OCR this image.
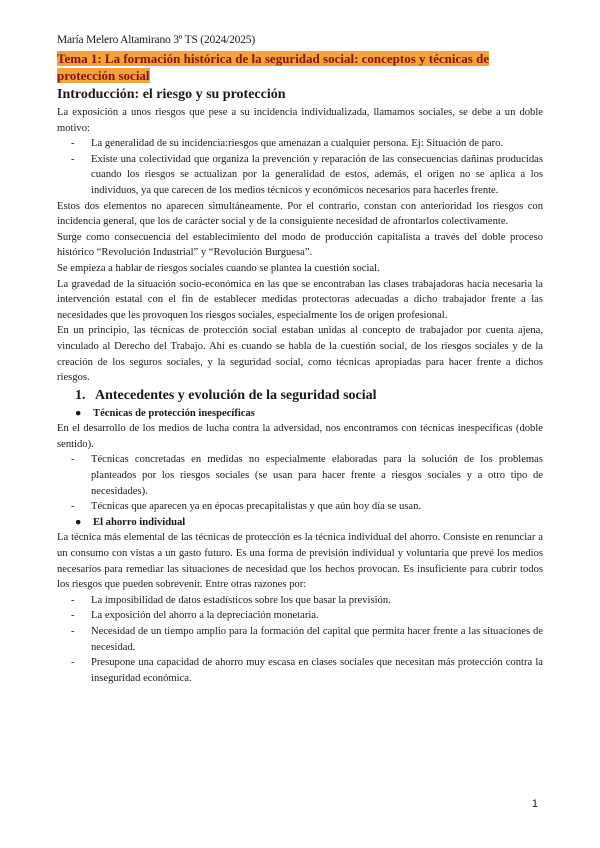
María Melero Altamirano 3º TS (2024/2025)
Tema 1: La formación histórica de la seguridad social: conceptos y técnicas de
protección social
Introducción: el riesgo y su protección

La exposición a unos riesgos que pese a su incidencia individualizada, llamamos sociales, se debe a un doble motivo:

- La generalidad de su incidencia:riesgos que amenazan a cualquier persona. Ej: Situación de paro.
- Existe una colectividad que organiza la prevención y reparación de las consecuencias dañinas producidas cuando los riesgos se actualizan por la generalidad de estos, además, el origen no se aplica a los individuos, ya que carecen de los medios técnicos y económicos necesarios para hacerles frente.

Estos dos elementos no aparecen simultáneamente. Por el contrario, constan con anterioridad los riesgos con incidencia general, que los de carácter social y de la consiguiente necesidad de afrontarlos colectivamente.

Surge como consecuencia del establecimiento del modo de producción capitalista a través del doble proceso histórico “Revolución Industrial” y “Revolución Burguesa”.

Se empieza a hablar de riesgos sociales cuando se plantea la cuestión social.

La gravedad de la situación socio-económica en las que se encontraban las clases trabajadoras hacía necesaria la intervención estatal con el fin de establecer medidas protectoras adecuadas a dicho trabajador frente a las necesidades que les provoquen los riesgos sociales, especialmente los de origen profesional.

En un principio, las técnicas de protección social estaban unidas al concepto de trabajador por cuenta ajena, vinculado al Derecho del Trabajo. Ahí es cuando se habla de la cuestión social, de los riesgos sociales y de la creación de los seguros sociales, y la seguridad social, como técnicas apropiadas para hacer frente a dichos riesgos.

1. Antecedentes y evolución de la seguridad social
● Técnicas de protección inespecíficas

En el desarrollo de los medios de lucha contra la adversidad, nos encontramos con técnicas inespecíficas (doble sentido).

- Técnicas concretadas en medidas no especialmente elaboradas para la solución de los problemas planteados por los riesgos sociales (se usan para hacer frente a riesgos sociales y a otro tipo de necesidades).
- Técnicas que aparecen ya en épocas precapitalistas y que aún hoy día se usan.
● El ahorro individual

La técnica más elemental de las técnicas de protección es la técnica individual del ahorro. Consiste en renunciar a un consumo con vistas a un gasto futuro. Es una forma de previsión individual y voluntaria que prevé los medios necesarios para remediar las situaciones de necesidad que los hechos provocan. Es insuficiente para cubrir todos los riesgos que pueden sobrevenir. Entre otras razones por:

- La imposibilidad de datos estadísticos sobre los que basar la previsión.
- La exposición del ahorro a la depreciación monetaria.
- Necesidad de un tiempo amplio para la formación del capital que permita hacer frente a las situaciones de necesidad.
- Presupone una capacidad de ahorro muy escasa en clases sociales que necesitan más protección contra la inseguridad económica.
1
